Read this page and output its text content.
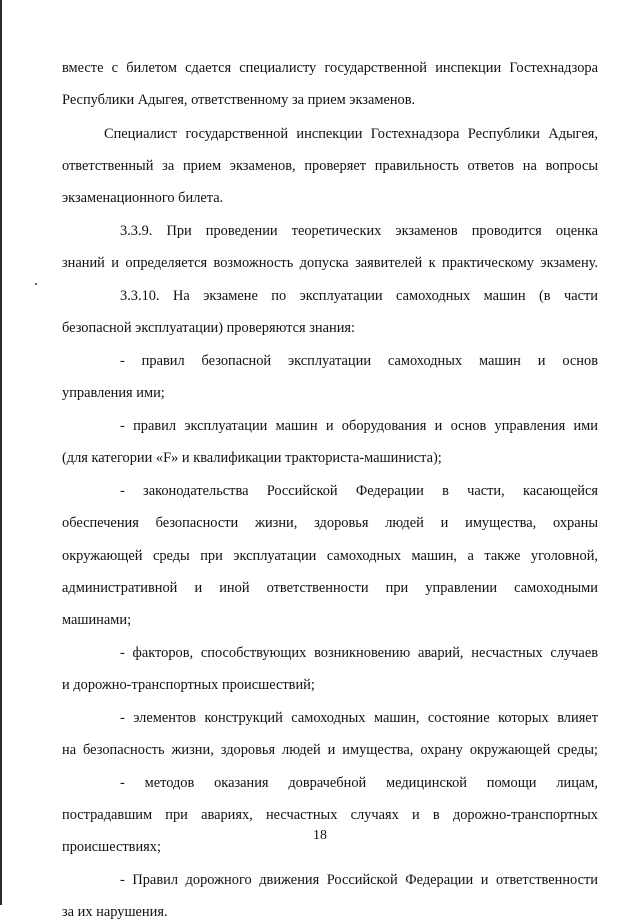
вместе с билетом сдается специалисту государственной инспекции Гостехнадзора
Республики Адыгея, ответственному за прием экзаменов.
Специалист государственной инспекции Гостехнадзора Республики Адыгея,
ответственный за прием экзаменов, проверяет правильность ответов на вопросы
экзаменационного билета.
3.3.9. При проведении теоретических экзаменов проводится оценка
знаний и определяется возможность допуска заявителей к практическому экзамену.
3.3.10. На экзамене по эксплуатации самоходных машин (в части
безопасной эксплуатации) проверяются знания:
- правил безопасной эксплуатации самоходных машин и основ
управления ими;
- правил эксплуатации машин и оборудования и основ управления ими
(для категории «F» и квалификации тракториста-машиниста);
- законодательства Российской Федерации в части, касающейся
обеспечения безопасности жизни, здоровья людей и имущества, охраны
окружающей среды при эксплуатации самоходных машин, а также уголовной,
административной и иной ответственности при управлении самоходными
машинами;
- факторов, способствующих возникновению аварий, несчастных случаев
и дорожно-транспортных происшествий;
- элементов конструкций самоходных машин, состояние которых влияет
на безопасность жизни, здоровья людей и имущества, охрану окружающей среды;
- методов оказания доврачебной медицинской помощи лицам,
пострадавшим при авариях, несчастных случаях и в дорожно-транспортных
происшествиях;
- Правил дорожного движения Российской Федерации и ответственности
за их нарушения.
18
